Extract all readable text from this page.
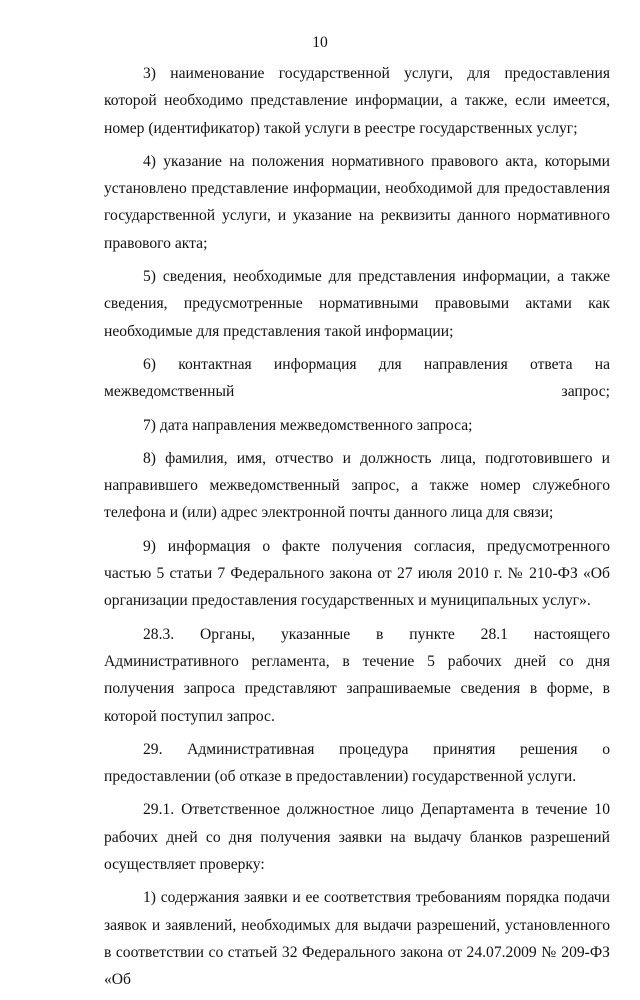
10

3) наименование государственной услуги, для предоставления которой необходимо представление информации, а также, если имеется, номер (идентификатор) такой услуги в реестре государственных услуг;

4) указание на положения нормативного правового акта, которыми установлено представление информации, необходимой для предоставления государственной услуги, и указание на реквизиты данного нормативного правового акта;

5) сведения, необходимые для представления информации, а также сведения, предусмотренные нормативными правовыми актами как необходимые для представления такой информации;

6) контактная информация для направления ответа на межведомственный запрос;

7) дата направления межведомственного запроса;

8) фамилия, имя, отчество и должность лица, подготовившего и направившего межведомственный запрос, а также номер служебного телефона и (или) адрес электронной почты данного лица для связи;

9) информация о факте получения согласия, предусмотренного частью 5 статьи 7 Федерального закона от 27 июля 2010 г. № 210-ФЗ «Об организации предоставления государственных и муниципальных услуг».

28.3. Органы, указанные в пункте 28.1 настоящего Административного регламента, в течение 5 рабочих дней со дня получения запроса представляют запрашиваемые сведения в форме, в которой поступил запрос.

29. Административная процедура принятия решения о предоставлении (об отказе в предоставлении) государственной услуги.

29.1. Ответственное должностное лицо Департамента в течение 10 рабочих дней со дня получения заявки на выдачу бланков разрешений осуществляет проверку:

1) содержания заявки и ее соответствия требованиям порядка подачи заявок и заявлений, необходимых для выдачи разрешений, установленного в соответствии со статьей 32 Федерального закона от 24.07.2009 № 209-ФЗ «Об
